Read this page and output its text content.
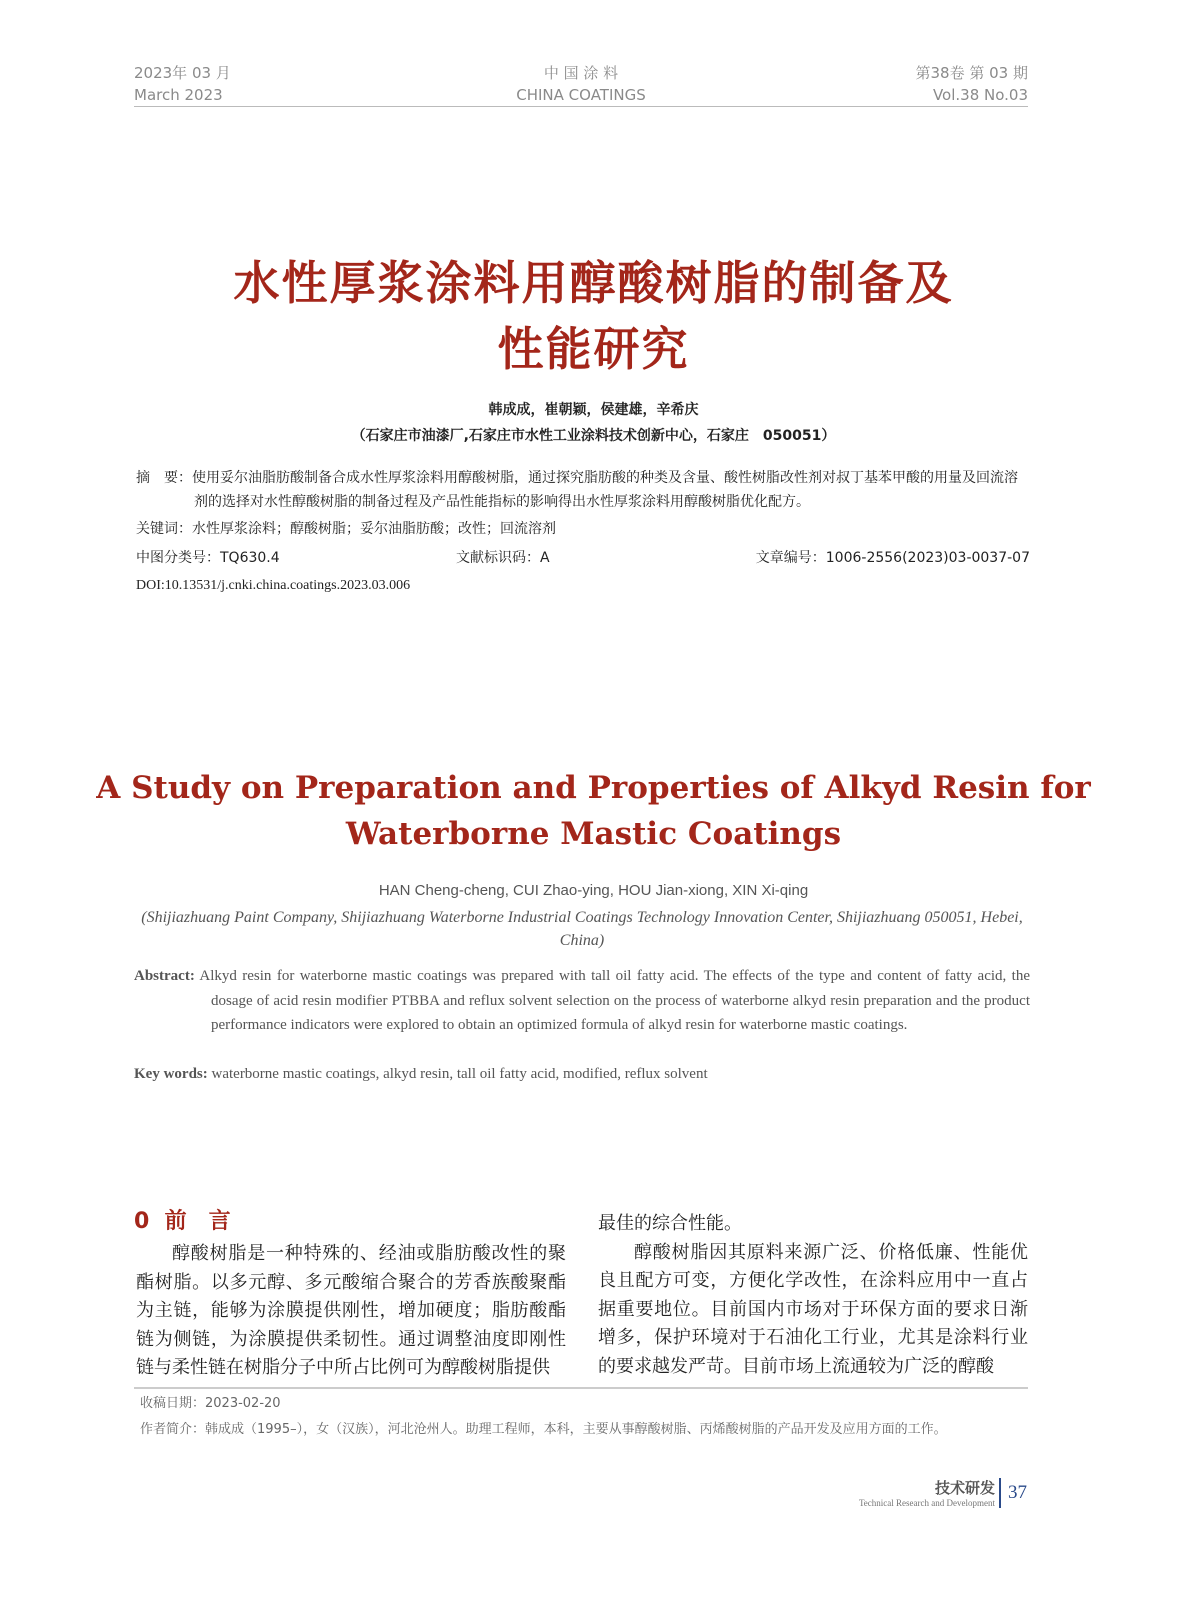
2023年 03 月
March 2023
中 国 涂 料
CHINA COATINGS
第38卷 第 03 期
Vol.38 No.03
水性厚浆涂料用醇酸树脂的制备及
性能研究
韩成成，崔朝颖，侯建雄，辛希庆
（石家庄市油漆厂,石家庄市水性工业涂料技术创新中心，石家庄　050051）
摘　要：使用妥尔油脂肪酸制备合成水性厚浆涂料用醇酸树脂，通过探究脂肪酸的种类及含量、酸性树脂改性剂对叔丁基苯甲酸的用量及回流溶剂的选择对水性醇酸树脂的制备过程及产品性能指标的影响得出水性厚浆涂料用醇酸树脂优化配方。
关键词：水性厚浆涂料；醇酸树脂；妥尔油脂肪酸；改性；回流溶剂
中图分类号：TQ630.4	文献标识码：A	文章编号：1006-2556(2023)03-0037-07
DOI:10.13531/j.cnki.china.coatings.2023.03.006
A Study on Preparation and Properties of Alkyd Resin for
Waterborne Mastic Coatings
HAN Cheng-cheng, CUI Zhao-ying, HOU Jian-xiong, XIN Xi-qing
(Shijiazhuang Paint Company, Shijiazhuang Waterborne Industrial Coatings Technology Innovation Center, Shijiazhuang 050051, Hebei, China)
Abstract: Alkyd resin for waterborne mastic coatings was prepared with tall oil fatty acid. The effects of the type and content of fatty acid, the dosage of acid resin modifier PTBBA and reflux solvent selection on the process of waterborne alkyd resin preparation and the product performance indicators were explored to obtain an optimized formula of alkyd resin for waterborne mastic coatings.
Key words: waterborne mastic coatings, alkyd resin, tall oil fatty acid, modified, reflux solvent
0 前　言
醇酸树脂是一种特殊的、经油或脂肪酸改性的聚酯树脂。以多元醇、多元酸缩合聚合的芳香族酸聚酯为主链，能够为涂膜提供刚性，增加硬度；脂肪酸酯链为侧链，为涂膜提供柔韧性。通过调整油度即刚性链与柔性链在树脂分子中所占比例可为醇酸树脂提供
最佳的综合性能。
醇酸树脂因其原料来源广泛、价格低廉、性能优良且配方可变，方便化学改性，在涂料应用中一直占据重要地位。目前国内市场对于环保方面的要求日渐增多，保护环境对于石油化工行业，尤其是涂料行业的要求越发严苛。目前市场上流通较为广泛的醇酸
收稿日期：2023-02-20
作者简介：韩成成（1995–），女（汉族），河北沧州人。助理工程师，本科，主要从事醇酸树脂、丙烯酸树脂的产品开发及应用方面的工作。
技术研发
Technical Research and Development 37
